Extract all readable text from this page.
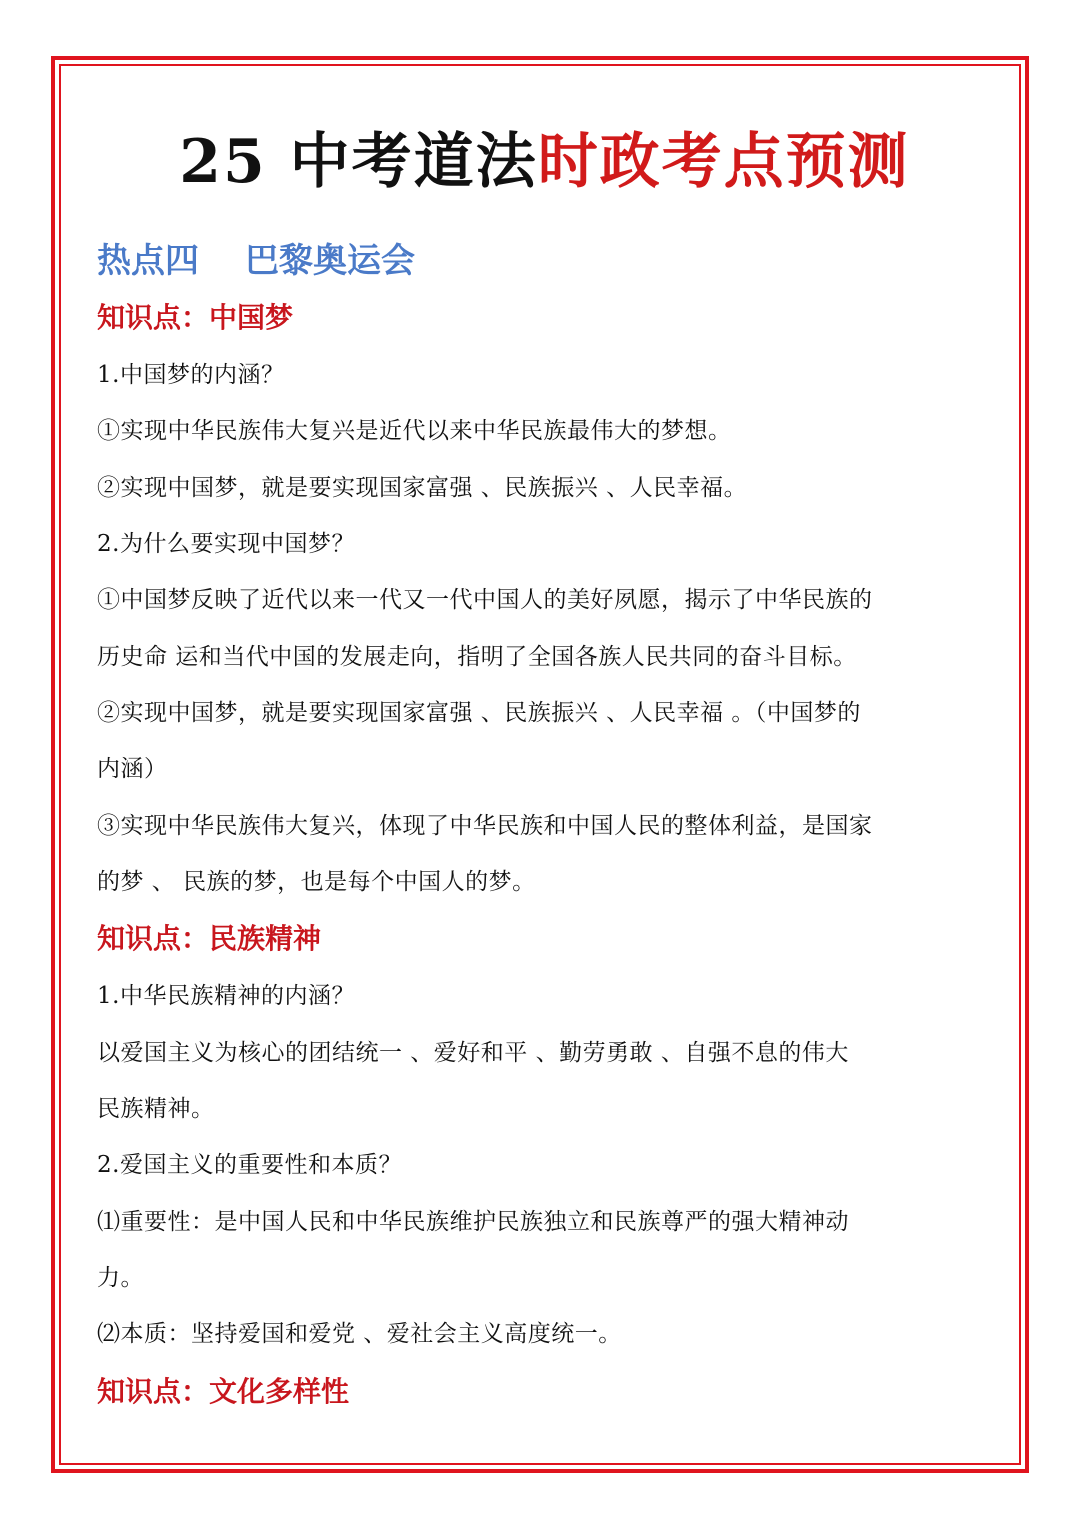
25 中考道法时政考点预测
热点四 巴黎奥运会
知识点：中国梦
1.中国梦的内涵？
①实现中华民族伟大复兴是近代以来中华民族最伟大的梦想。
②实现中国梦，就是要实现国家富强 、民族振兴 、人民幸福。
2.为什么要实现中国梦？
①中国梦反映了近代以来一代又一代中国人的美好夙愿，揭示了中华民族的
历史命 运和当代中国的发展走向，指明了全国各族人民共同的奋斗目标。
②实现中国梦，就是要实现国家富强 、民族振兴 、人民幸福 。（中国梦的
内涵）
③实现中华民族伟大复兴，体现了中华民族和中国人民的整体利益，是国家
的梦 、 民族的梦，也是每个中国人的梦。
知识点：民族精神
1.中华民族精神的内涵？
以爱国主义为核心的团结统一 、爱好和平 、勤劳勇敢 、自强不息的伟大
民族精神。
2.爱国主义的重要性和本质？
⑴重要性：是中国人民和中华民族维护民族独立和民族尊严的强大精神动
力。
⑵本质：坚持爱国和爱党 、爱社会主义高度统一。
知识点：文化多样性
